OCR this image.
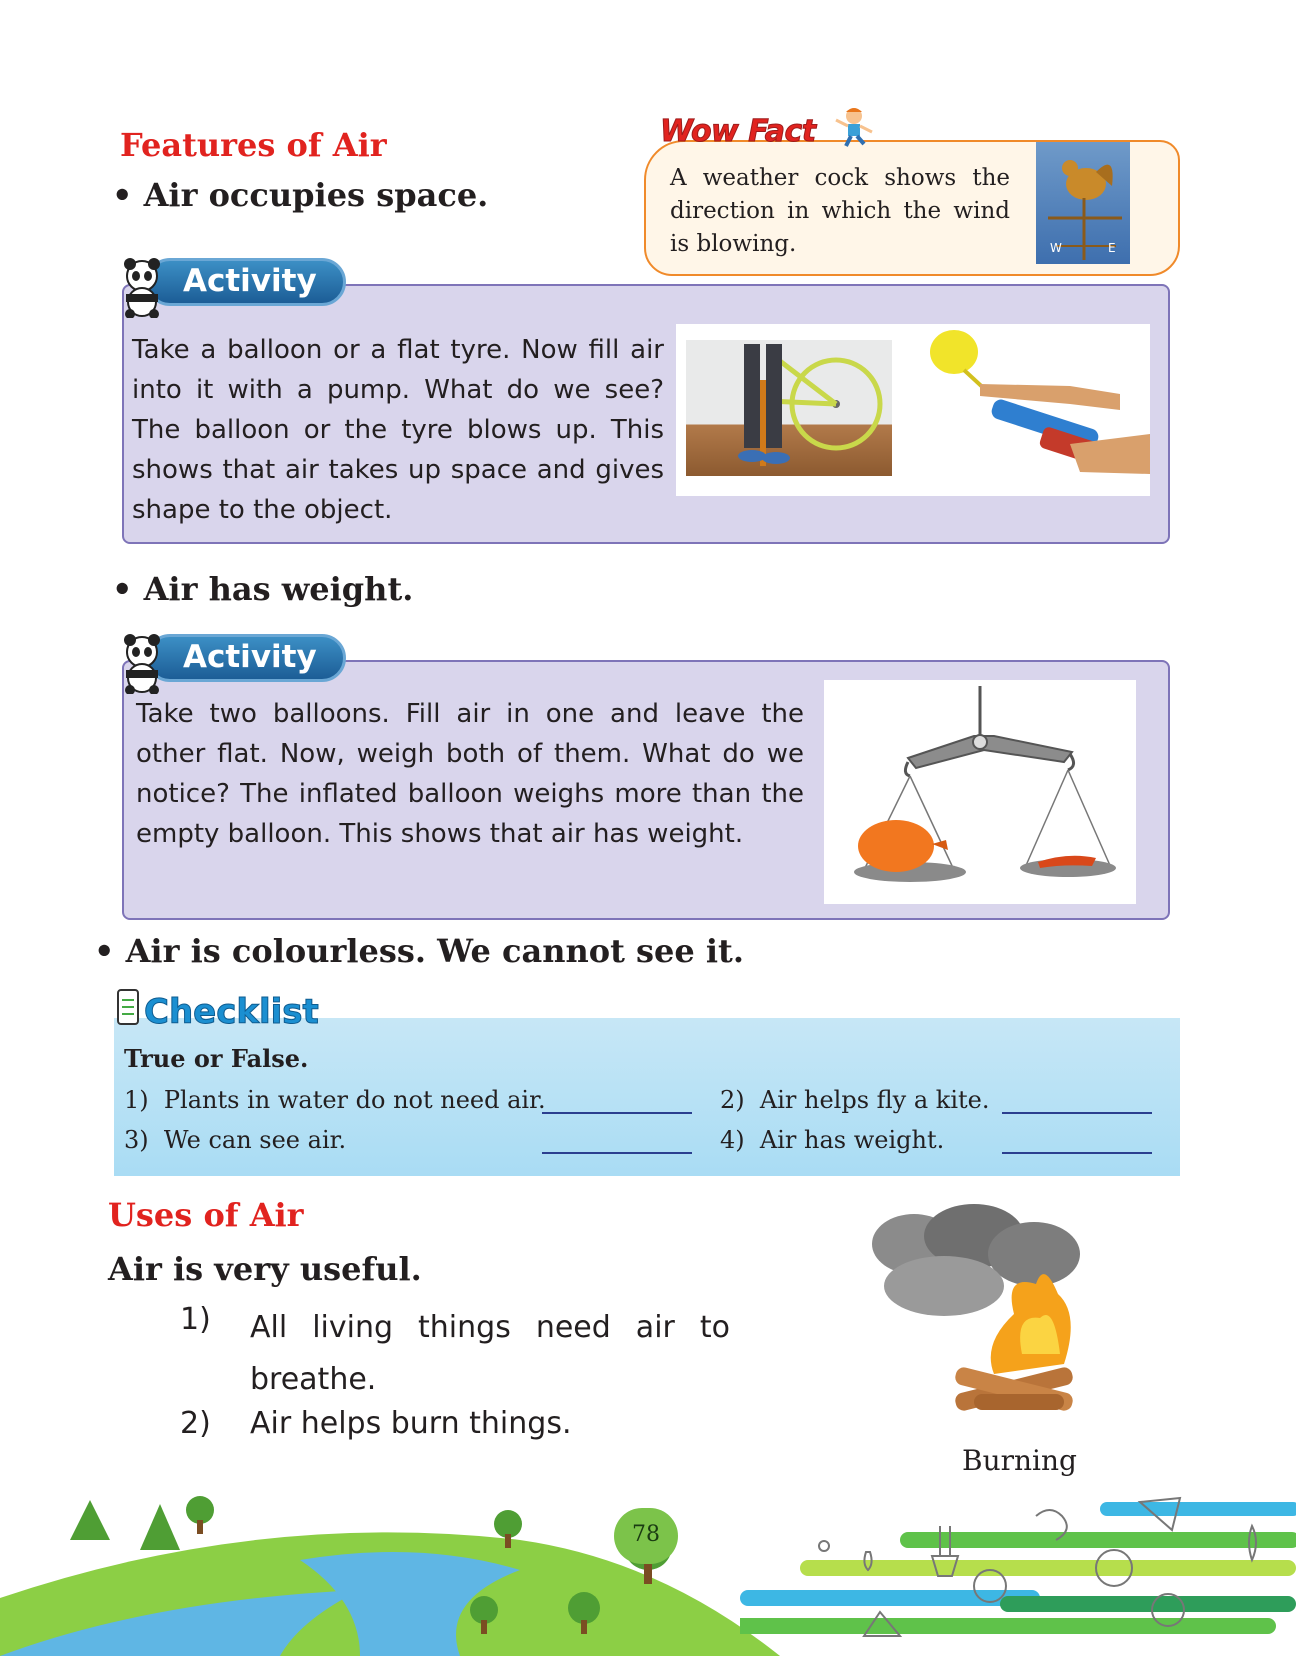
Features of Air
• Air occupies space.
Wow Fact
A weather cock shows the direction in which the wind is blowing.	W	E
Activity
Take a balloon or a flat tyre. Now fill air into it with a pump. What do we see? The balloon or the tyre blows up. This shows that air takes up space and gives shape to the object.
• Air has weight.
Activity
Take two balloons. Fill air in one and leave the other flat. Now, weigh both of them. What do we notice? The inflated balloon weighs more than the empty balloon. This shows that air has weight.
• Air is colourless. We cannot see it.
Checklist
True or False.
1) Plants in water do not need air.	2) Air helps fly a kite.
3) We can see air.	4) Air has weight.
Uses of Air
Air is very useful.
1) All living things need air to breathe.
2) Air helps burn things.
Burning
78
